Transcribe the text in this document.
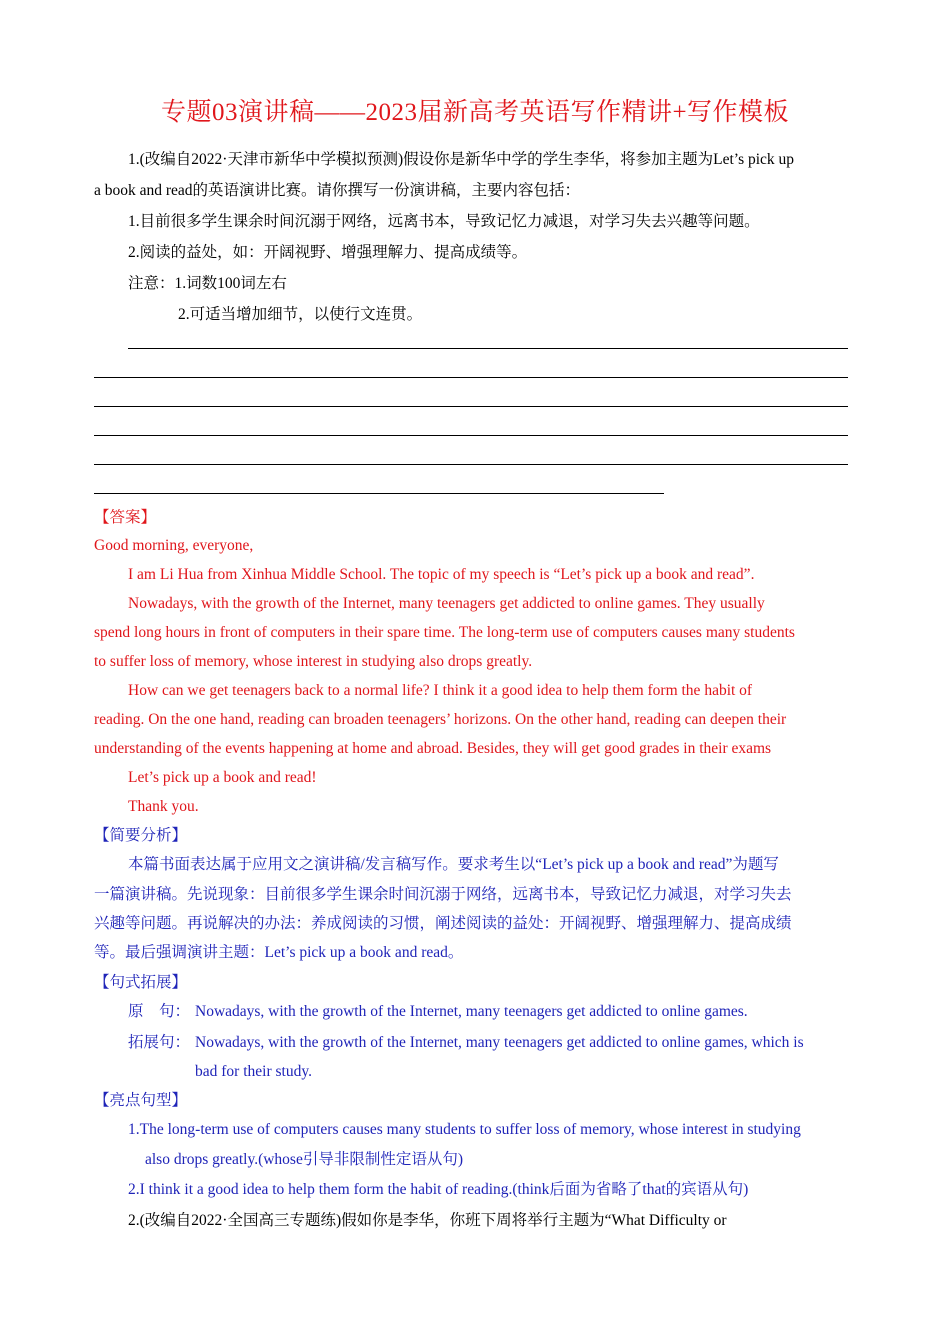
专题03演讲稿——2023届新高考英语写作精讲+写作模板
1.(改编自2022·天津市新华中学模拟预测)假设你是新华中学的学生李华，将参加主题为Let’s pick up
a book and read的英语演讲比赛。请你撰写一份演讲稿，主要内容包括：
1.目前很多学生课余时间沉溺于网络，远离书本，导致记忆力减退，对学习失去兴趣等问题。
2.阅读的益处，如：开阔视野、增强理解力、提高成绩等。
注意：1.词数100词左右
2.可适当增加细节，以使行文连贯。
【答案】
Good morning, everyone,
I am Li Hua from Xinhua Middle School. The topic of my speech is “Let’s pick up a book and read”.
Nowadays, with the growth of the Internet, many teenagers get addicted to online games. They usually
spend long hours in front of computers in their spare time. The long-term use of computers causes many students
to suffer loss of memory, whose interest in studying also drops greatly.
How can we get teenagers back to a normal life? I think it a good idea to help them form the habit of
reading. On the one hand, reading can broaden teenagers’ horizons. On the other hand, reading can deepen their
understanding of the events happening at home and abroad. Besides, they will get good grades in their exams
Let’s pick up a book and read!
Thank you.
【简要分析】
本篇书面表达属于应用文之演讲稿/发言稿写作。要求考生以“Let’s pick up a book and read”为题写
一篇演讲稿。先说现象：目前很多学生课余时间沉溺于网络，远离书本，导致记忆力减退，对学习失去
兴趣等问题。再说解决的办法：养成阅读的习惯，阐述阅读的益处：开阔视野、增强理解力、提高成绩
等。最后强调演讲主题：Let’s pick up a book and read。
【句式拓展】
原　句： Nowadays, with the growth of the Internet, many teenagers get addicted to online games.
拓展句： Nowadays, with the growth of the Internet, many teenagers get addicted to online games, which is
bad for their study.
【亮点句型】
1.The long-term use of computers causes many students to suffer loss of memory, whose interest in studying
also drops greatly.(whose引导非限制性定语从句)
2.I think it a good idea to help them form the habit of reading.(think后面为省略了that的宾语从句)
2.(改编自2022·全国高三专题练)假如你是李华，你班下周将举行主题为“What Difficulty or
